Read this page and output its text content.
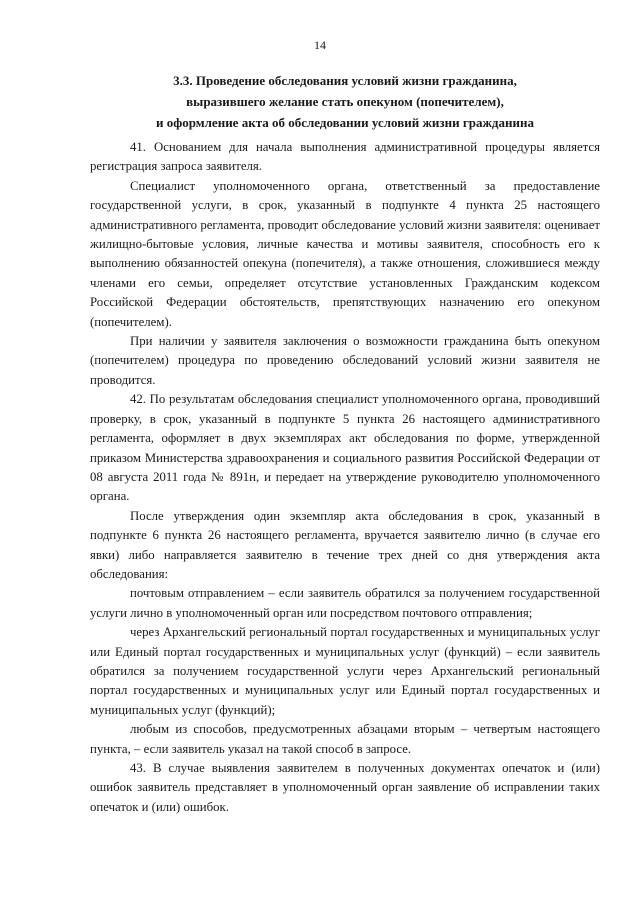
14
3.3. Проведение обследования условий жизни гражданина,
выразившего желание стать опекуном (попечителем),
и оформление акта об обследовании условий жизни гражданина

41. Основанием для начала выполнения административной процедуры является регистрация запроса заявителя.

Специалист уполномоченного органа, ответственный за предоставление государственной услуги, в срок, указанный в подпункте 4 пункта 25 настоящего административного регламента, проводит обследование условий жизни заявителя: оценивает жилищно-бытовые условия, личные качества и мотивы заявителя, способность его к выполнению обязанностей опекуна (попечителя), а также отношения, сложившиеся между членами его семьи, определяет отсутствие установленных Гражданским кодексом Российской Федерации обстоятельств, препятствующих назначению его опекуном (попечителем).

При наличии у заявителя заключения о возможности гражданина быть опекуном (попечителем) процедура по проведению обследований условий жизни заявителя не проводится.

42. По результатам обследования специалист уполномоченного органа, проводивший проверку, в срок, указанный в подпункте 5 пункта 26 настоящего административного регламента, оформляет в двух экземплярах акт обследования по форме, утвержденной приказом Министерства здравоохранения и социального развития Российской Федерации от 08 августа 2011 года № 891н, и передает на утверждение руководителю уполномоченного органа.

После утверждения один экземпляр акта обследования в срок, указанный в подпункте 6 пункта 26 настоящего регламента, вручается заявителю лично (в случае его явки) либо направляется заявителю в течение трех дней со дня утверждения акта обследования:

почтовым отправлением – если заявитель обратился за получением государственной услуги лично в уполномоченный орган или посредством почтового отправления;

через Архангельский региональный портал государственных и муниципальных услуг или Единый портал государственных и муниципальных услуг (функций) – если заявитель обратился за получением государственной услуги через Архангельский региональный портал государственных и муниципальных услуг или Единый портал государственных и муниципальных услуг (функций);

любым из способов, предусмотренных абзацами вторым – четвертым настоящего пункта, – если заявитель указал на такой способ в запросе.

43. В случае выявления заявителем в полученных документах опечаток и (или) ошибок заявитель представляет в уполномоченный орган заявление об исправлении таких опечаток и (или) ошибок.
